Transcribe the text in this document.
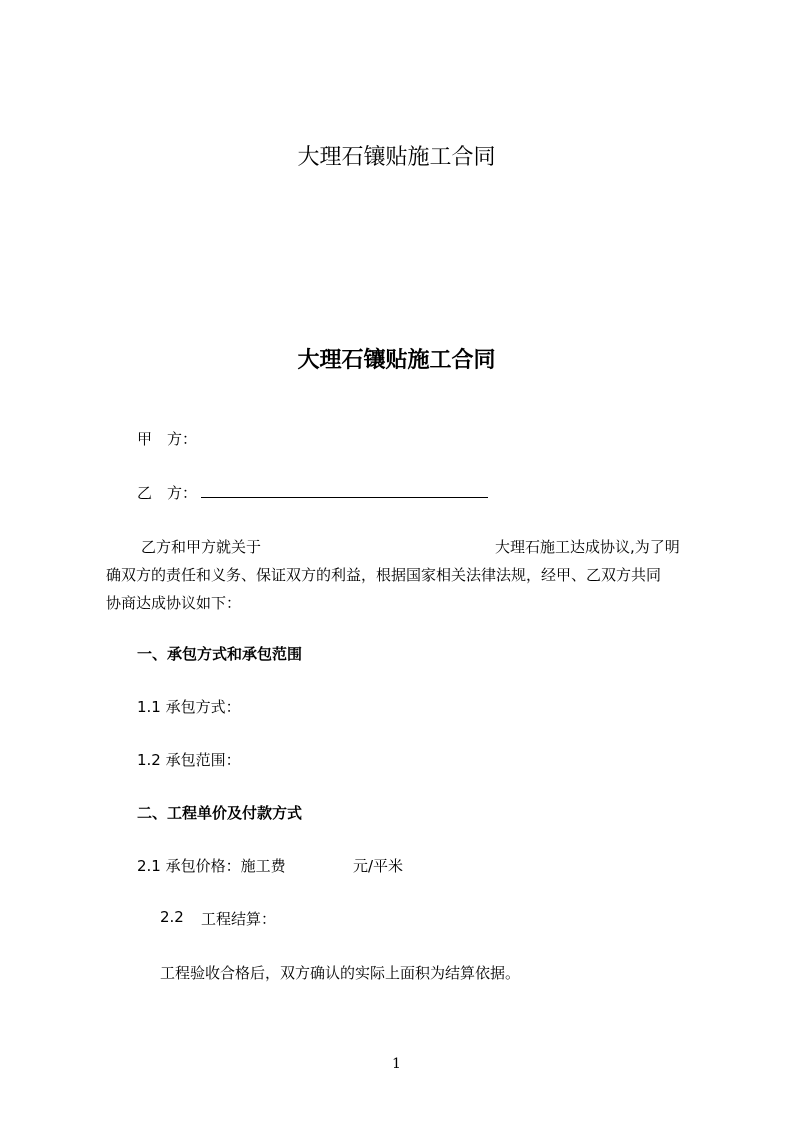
大理石镶贴施工合同
大理石镶贴施工合同
甲　方：
乙　方：
乙方和甲方就关于	大理石施工达成协议,为了明
确双方的责任和义务、保证双方的利益，根据国家相关法律法规，经甲、乙双方共同
协商达成协议如下：
一、承包方式和承包范围
1.1 承包方式：
1.2 承包范围：
二、工程单价及付款方式
2.1 承包价格：施工费	元/平米
2.2 工程结算：
工程验收合格后，双方确认的实际上面积为结算依据。
1
